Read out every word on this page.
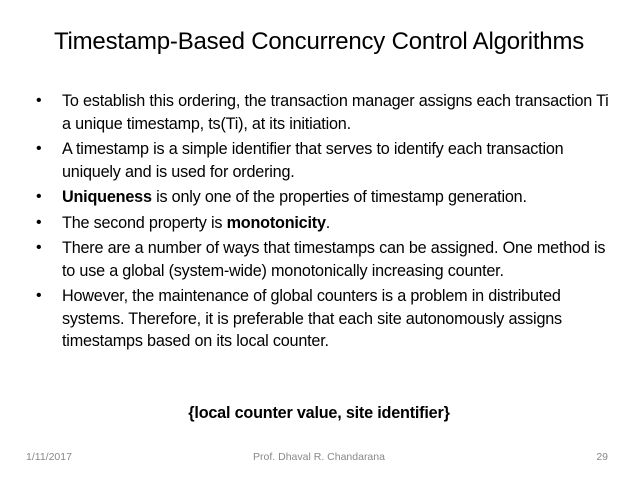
Timestamp-Based Concurrency Control Algorithms
•	To establish this ordering, the transaction manager assigns each transaction Ti a unique timestamp, ts(Ti), at its initiation.
•	A timestamp is a simple identifier that serves to identify each transaction uniquely and is used for ordering.
•	Uniqueness is only one of the properties of timestamp generation.
•	The second property is monotonicity.
•	There are a number of ways that timestamps can be assigned. One method is to use a global (system-wide) monotonically increasing counter.
•	However, the maintenance of global counters is a problem in distributed systems. Therefore, it is preferable that each site autonomously assigns timestamps based on its local counter.
{local counter value, site identifier}
1/11/2017	Prof. Dhaval R. Chandarana	29
